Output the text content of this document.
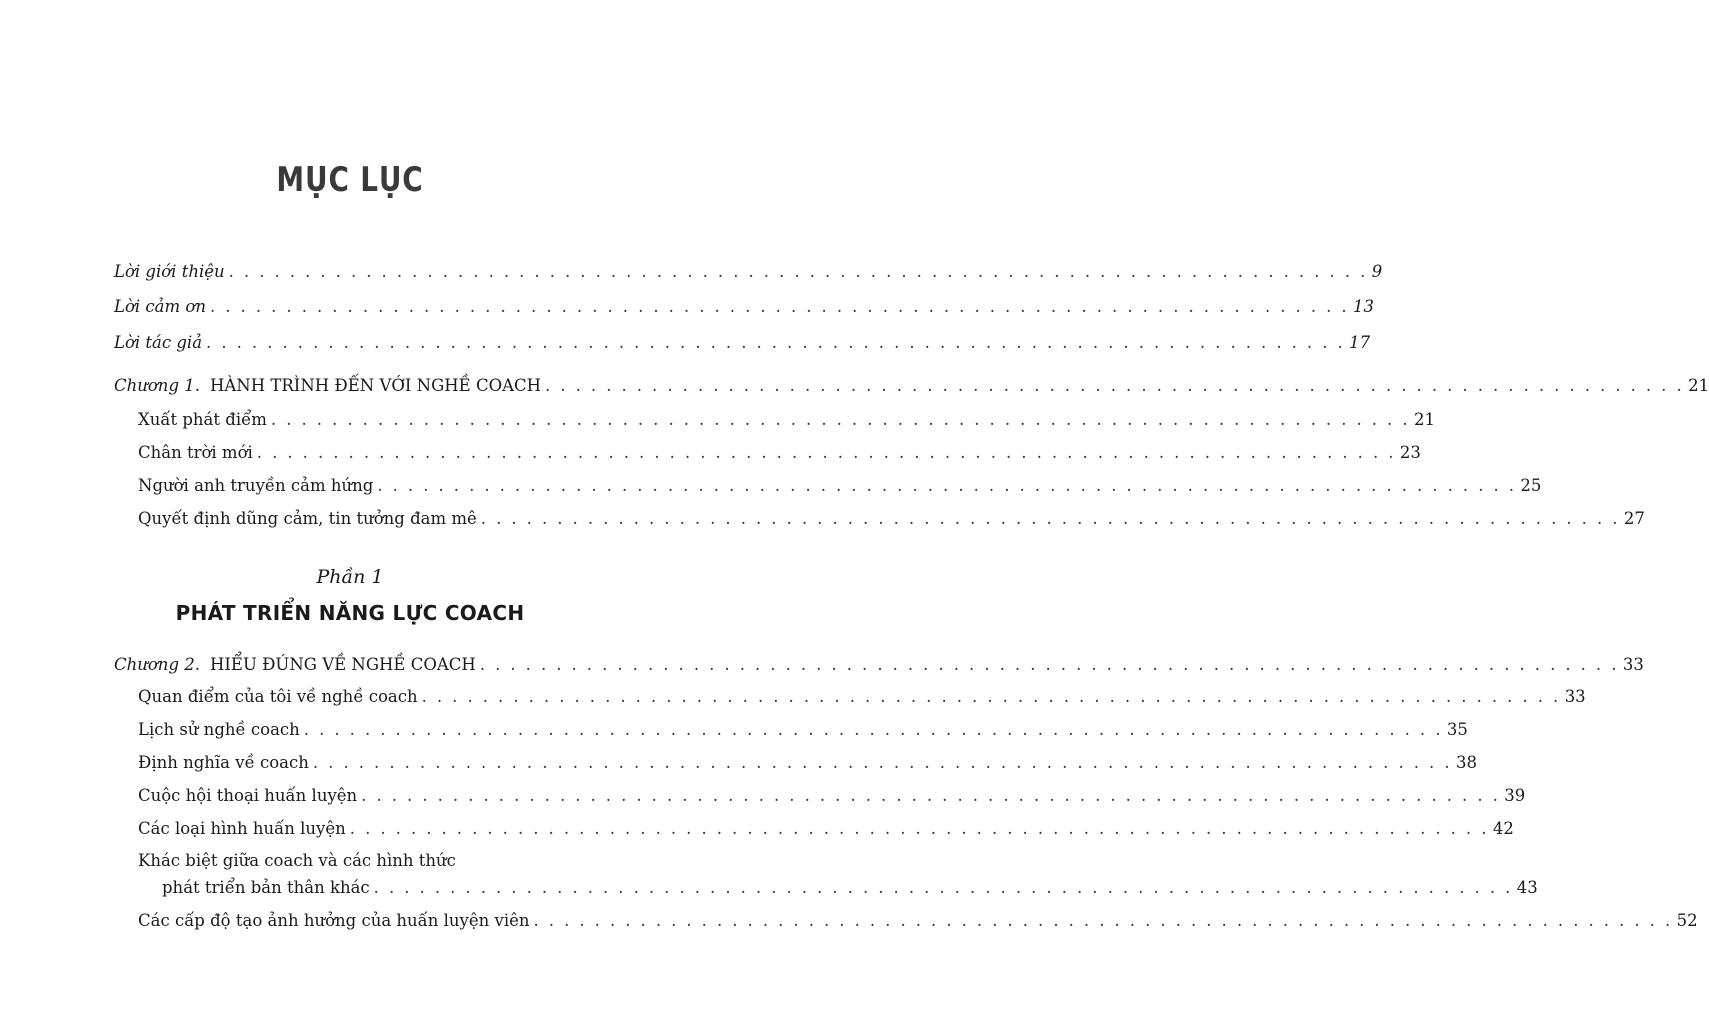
MỤC LỤC
Lời giới thiệu . . . . . . . . . . . . . . . . . . . . . . . . . . . . . . . . . . . . . . . . . . . . . . . . . . . . . . . . . . . . . . . . . . . . . . . . . . . 9
Lời cảm ơn . . . . . . . . . . . . . . . . . . . . . . . . . . . . . . . . . . . . . . . . . . . . . . . . . . . . . . . . . . . . . . . . . . . . . . . . . . . 13
Lời tác giả . . . . . . . . . . . . . . . . . . . . . . . . . . . . . . . . . . . . . . . . . . . . . . . . . . . . . . . . . . . . . . . . . . . . . . . . . . . 17
Chương 1. HÀNH TRÌNH ĐẾN VỚI NGHỀ COACH . . . . . . . . . . . . . . . . . . . . . . . . . . . . . . . . . . . . . . . . . . . . . . . . . . . . . . . . . . . . . . . . . . . . . . . . . . . 21
Xuất phát điểm . . . . . . . . . . . . . . . . . . . . . . . . . . . . . . . . . . . . . . . . . . . . . . . . . . . . . . . . . . . . . . . . . . . . . . . . . . . 21
Chân trời mới . . . . . . . . . . . . . . . . . . . . . . . . . . . . . . . . . . . . . . . . . . . . . . . . . . . . . . . . . . . . . . . . . . . . . . . . . . . 23
Người anh truyền cảm hứng . . . . . . . . . . . . . . . . . . . . . . . . . . . . . . . . . . . . . . . . . . . . . . . . . . . . . . . . . . . . . . . . . . . . . . . . . . . 25
Quyết định dũng cảm, tin tưởng đam mê . . . . . . . . . . . . . . . . . . . . . . . . . . . . . . . . . . . . . . . . . . . . . . . . . . . . . . . . . . . . . . . . . . . . . . . . . . . 27
Phần 1
PHÁT TRIỂN NĂNG LỰC COACH
Chương 2. HIỂU ĐÚNG VỀ NGHỀ COACH . . . . . . . . . . . . . . . . . . . . . . . . . . . . . . . . . . . . . . . . . . . . . . . . . . . . . . . . . . . . . . . . . . . . . . . . . . . 33
Quan điểm của tôi về nghề coach . . . . . . . . . . . . . . . . . . . . . . . . . . . . . . . . . . . . . . . . . . . . . . . . . . . . . . . . . . . . . . . . . . . . . . . . . . . 33
Lịch sử nghề coach . . . . . . . . . . . . . . . . . . . . . . . . . . . . . . . . . . . . . . . . . . . . . . . . . . . . . . . . . . . . . . . . . . . . . . . . . . . 35
Định nghĩa về coach . . . . . . . . . . . . . . . . . . . . . . . . . . . . . . . . . . . . . . . . . . . . . . . . . . . . . . . . . . . . . . . . . . . . . . . . . . . 38
Cuộc hội thoại huấn luyện . . . . . . . . . . . . . . . . . . . . . . . . . . . . . . . . . . . . . . . . . . . . . . . . . . . . . . . . . . . . . . . . . . . . . . . . . . . 39
Các loại hình huấn luyện . . . . . . . . . . . . . . . . . . . . . . . . . . . . . . . . . . . . . . . . . . . . . . . . . . . . . . . . . . . . . . . . . . . . . . . . . . . 42
Khác biệt giữa coach và các hình thức
phát triển bản thân khác . . . . . . . . . . . . . . . . . . . . . . . . . . . . . . . . . . . . . . . . . . . . . . . . . . . . . . . . . . . . . . . . . . . . . . . . . . . 43
Các cấp độ tạo ảnh hưởng của huấn luyện viên . . . . . . . . . . . . . . . . . . . . . . . . . . . . . . . . . . . . . . . . . . . . . . . . . . . . . . . . . . . . . . . . . . . . . . . . . . . 52
